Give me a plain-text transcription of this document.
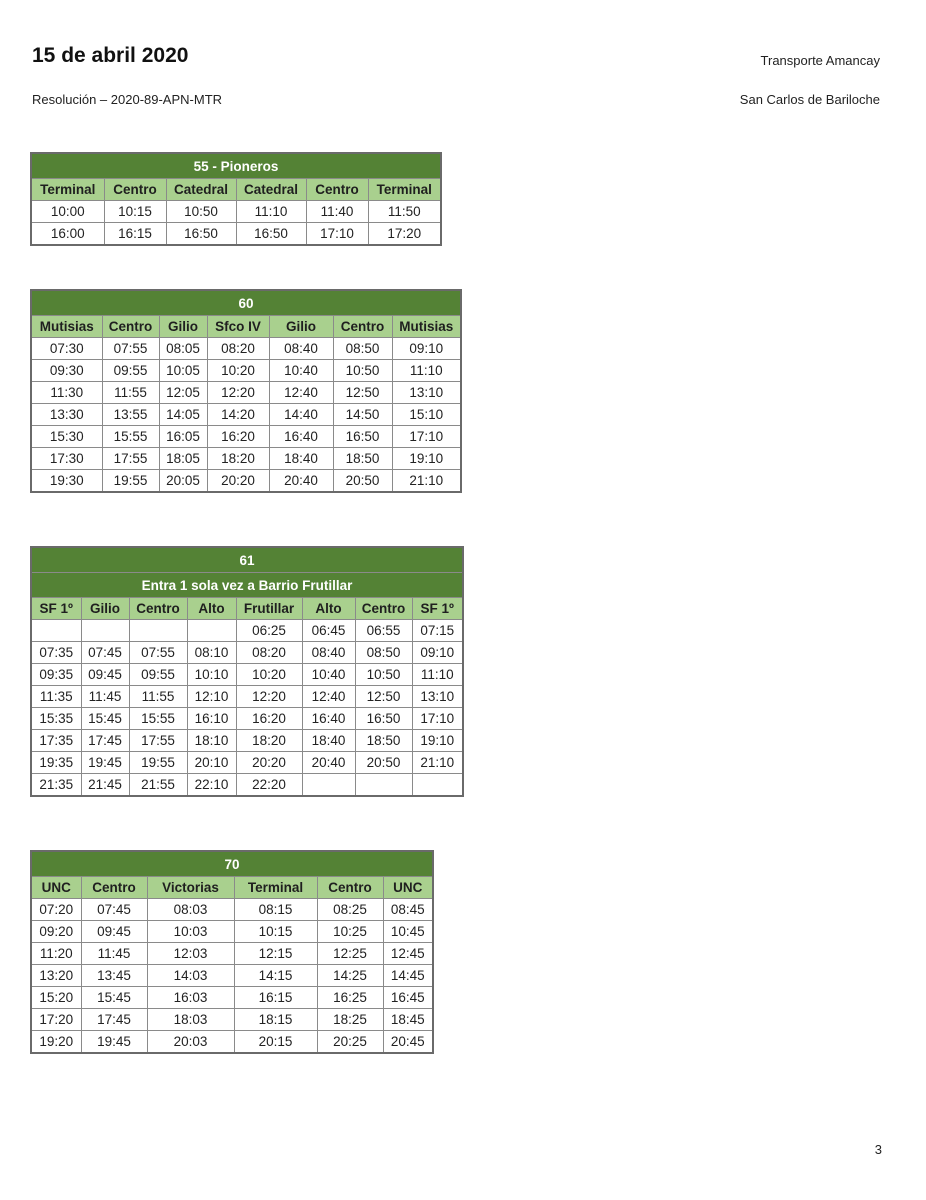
15 de abril 2020
Resolución – 2020-89-APN-MTR
Transporte Amancay
San Carlos de Bariloche
55 - Pioneros					
Terminal	Centro	Catedral	Catedral	Centro	Terminal
10:00	10:15	10:50	11:10	11:40	11:50
16:00	16:15	16:50	16:50	17:10	17:20
60						
Mutisias	Centro	Gilio	Sfco IV	Gilio	Centro	Mutisias
07:30	07:55	08:05	08:20	08:40	08:50	09:10
09:30	09:55	10:05	10:20	10:40	10:50	11:10
11:30	11:55	12:05	12:20	12:40	12:50	13:10
13:30	13:55	14:05	14:20	14:40	14:50	15:10
15:30	15:55	16:05	16:20	16:40	16:50	17:10
17:30	17:55	18:05	18:20	18:40	18:50	19:10
19:30	19:55	20:05	20:20	20:40	20:50	21:10
61							
Entra 1 sola vez a Barrio Frutillar							
SF 1º	Gilio	Centro	Alto	Frutillar	Alto	Centro	SF 1º
				06:25	06:45	06:55	07:15
07:35	07:45	07:55	08:10	08:20	08:40	08:50	09:10
09:35	09:45	09:55	10:10	10:20	10:40	10:50	11:10
11:35	11:45	11:55	12:10	12:20	12:40	12:50	13:10
15:35	15:45	15:55	16:10	16:20	16:40	16:50	17:10
17:35	17:45	17:55	18:10	18:20	18:40	18:50	19:10
19:35	19:45	19:55	20:10	20:20	20:40	20:50	21:10
21:35	21:45	21:55	22:10	22:20			
70					
UNC	Centro	Victorias	Terminal	Centro	UNC
07:20	07:45	08:03	08:15	08:25	08:45
09:20	09:45	10:03	10:15	10:25	10:45
11:20	11:45	12:03	12:15	12:25	12:45
13:20	13:45	14:03	14:15	14:25	14:45
15:20	15:45	16:03	16:15	16:25	16:45
17:20	17:45	18:03	18:15	18:25	18:45
19:20	19:45	20:03	20:15	20:25	20:45
3
